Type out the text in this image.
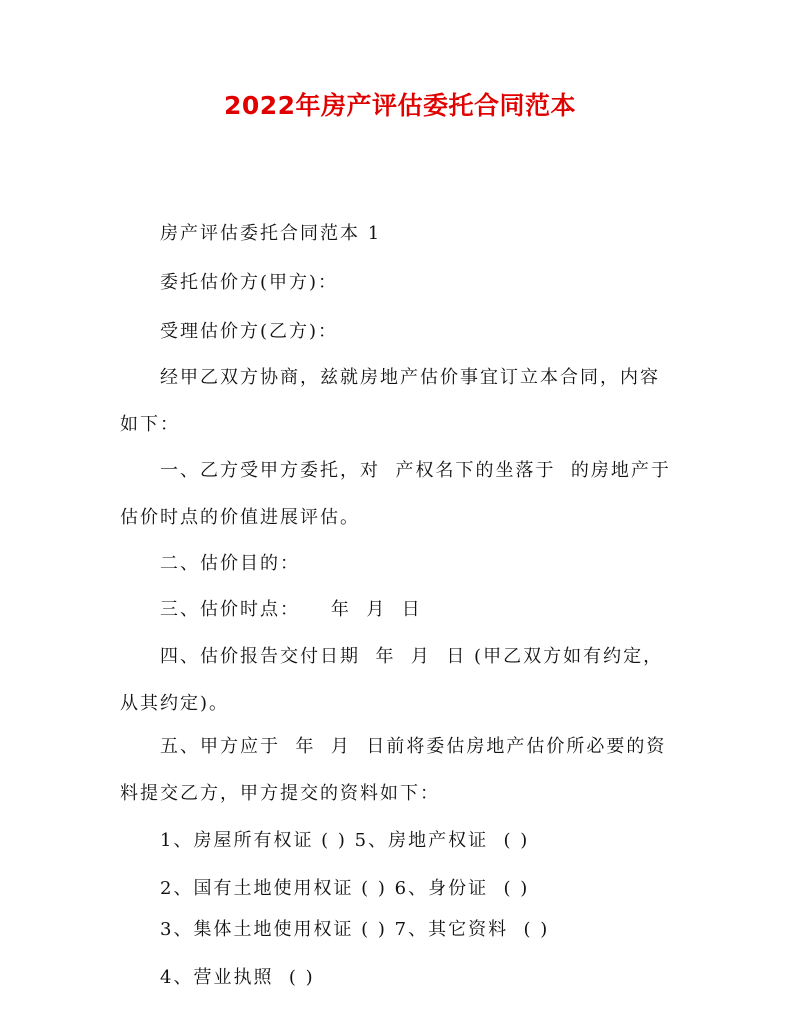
2022年房产评估委托合同范本
房产评估委托合同范本 1
委托估价方(甲方)：
受理估价方(乙方)：
经甲乙双方协商，兹就房地产估价事宜订立本合同，内容
如下：
一、乙方受甲方委托，对  产权名下的坐落于  的房地产于
估价时点的价值进展评估。
二、估价目的：
三、估价时点：    年  月  日
四、估价报告交付日期  年  月  日 (甲乙双方如有约定，
从其约定)。
五、甲方应于  年  月  日前将委估房地产估价所必要的资
料提交乙方，甲方提交的资料如下：
1、房屋所有权证 ( ) 5、房地产权证  ( )
2、国有土地使用权证 ( ) 6、身份证  ( )
3、集体土地使用权证 ( ) 7、其它资料  ( )
4、营业执照  ( )
